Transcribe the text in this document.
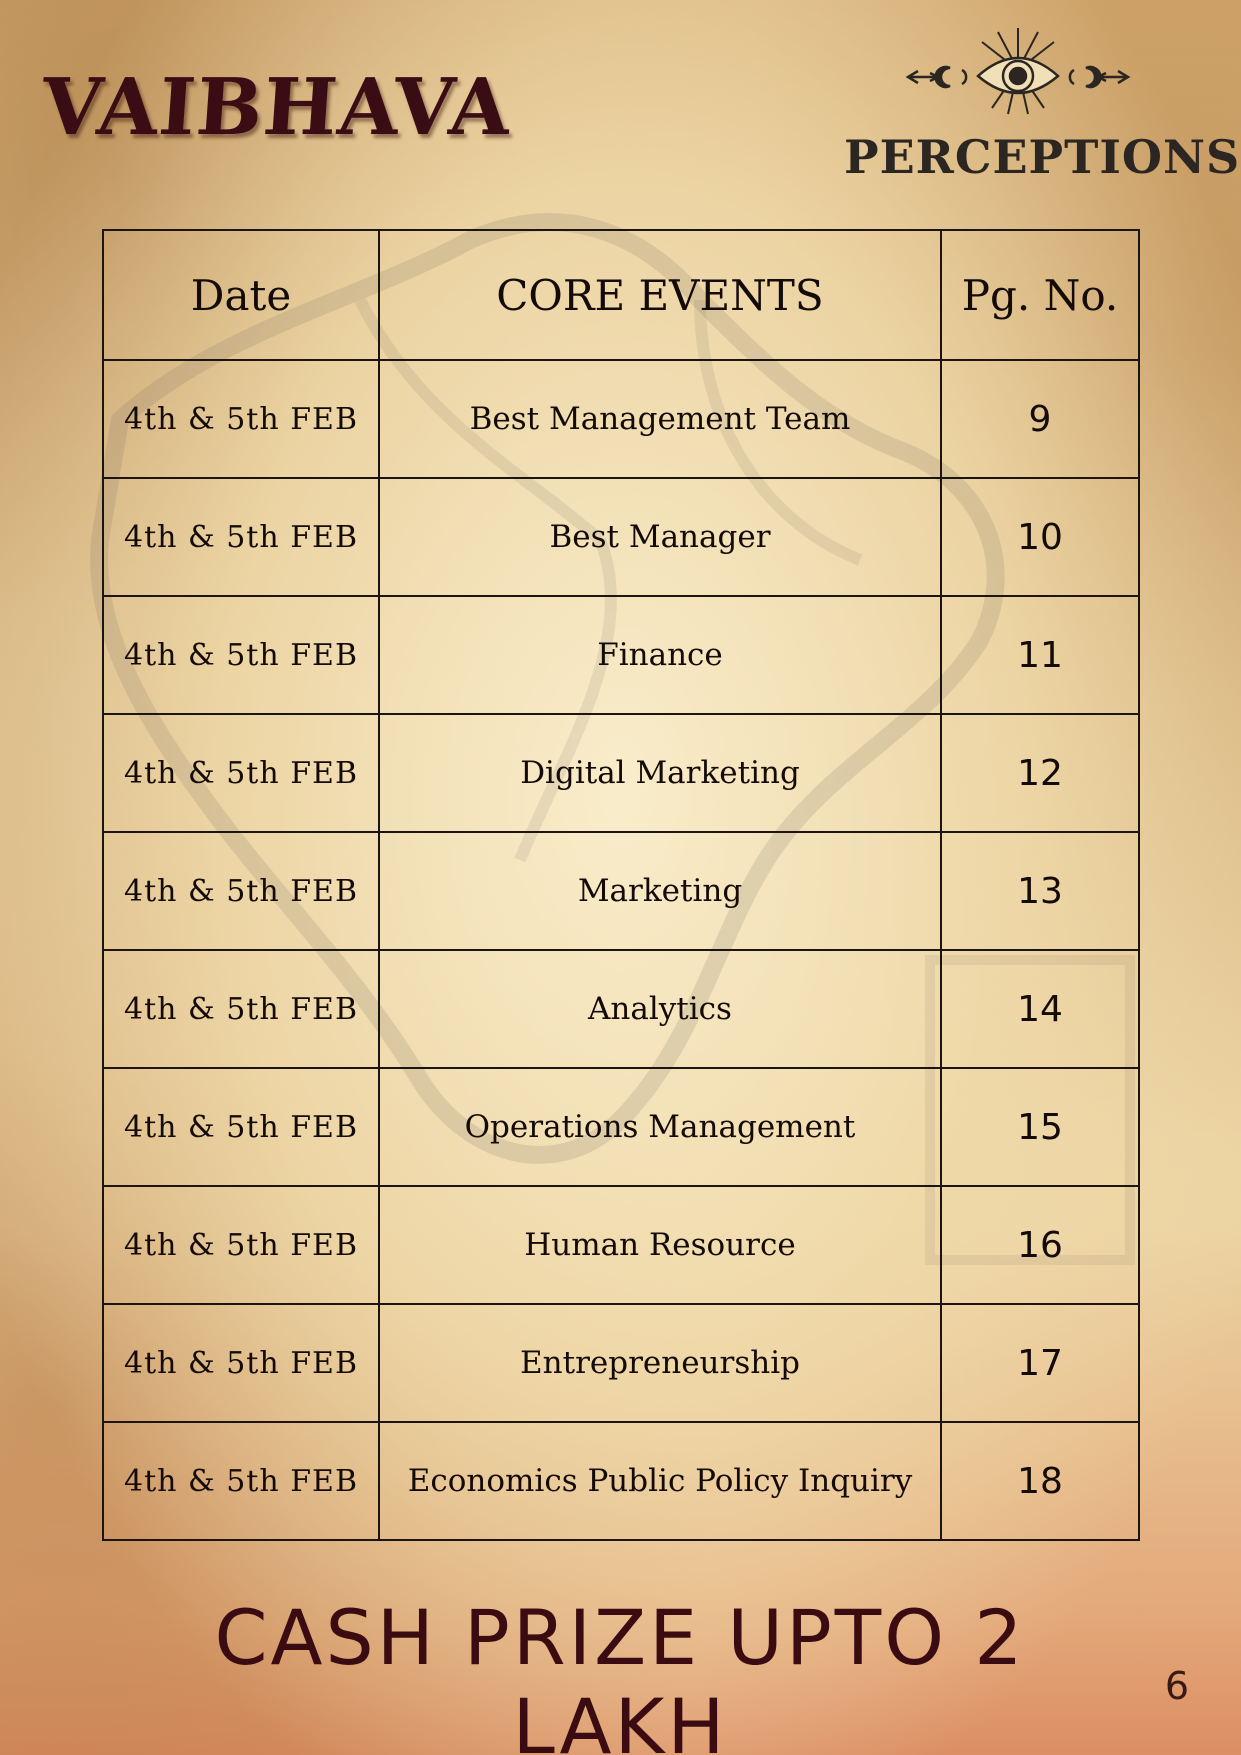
VAIBHAVA
PERCEPTIONS
Date	CORE EVENTS	Pg. No.
4th & 5th FEB	Best Management Team	9
4th & 5th FEB	Best Manager	10
4th & 5th FEB	Finance	11
4th & 5th FEB	Digital Marketing	12
4th & 5th FEB	Marketing	13
4th & 5th FEB	Analytics	14
4th & 5th FEB	Operations Management	15
4th & 5th FEB	Human Resource	16
4th & 5th FEB	Entrepreneurship	17
4th & 5th FEB	Economics Public Policy Inquiry	18
CASH PRIZE UPTO 2 LAKH	6
